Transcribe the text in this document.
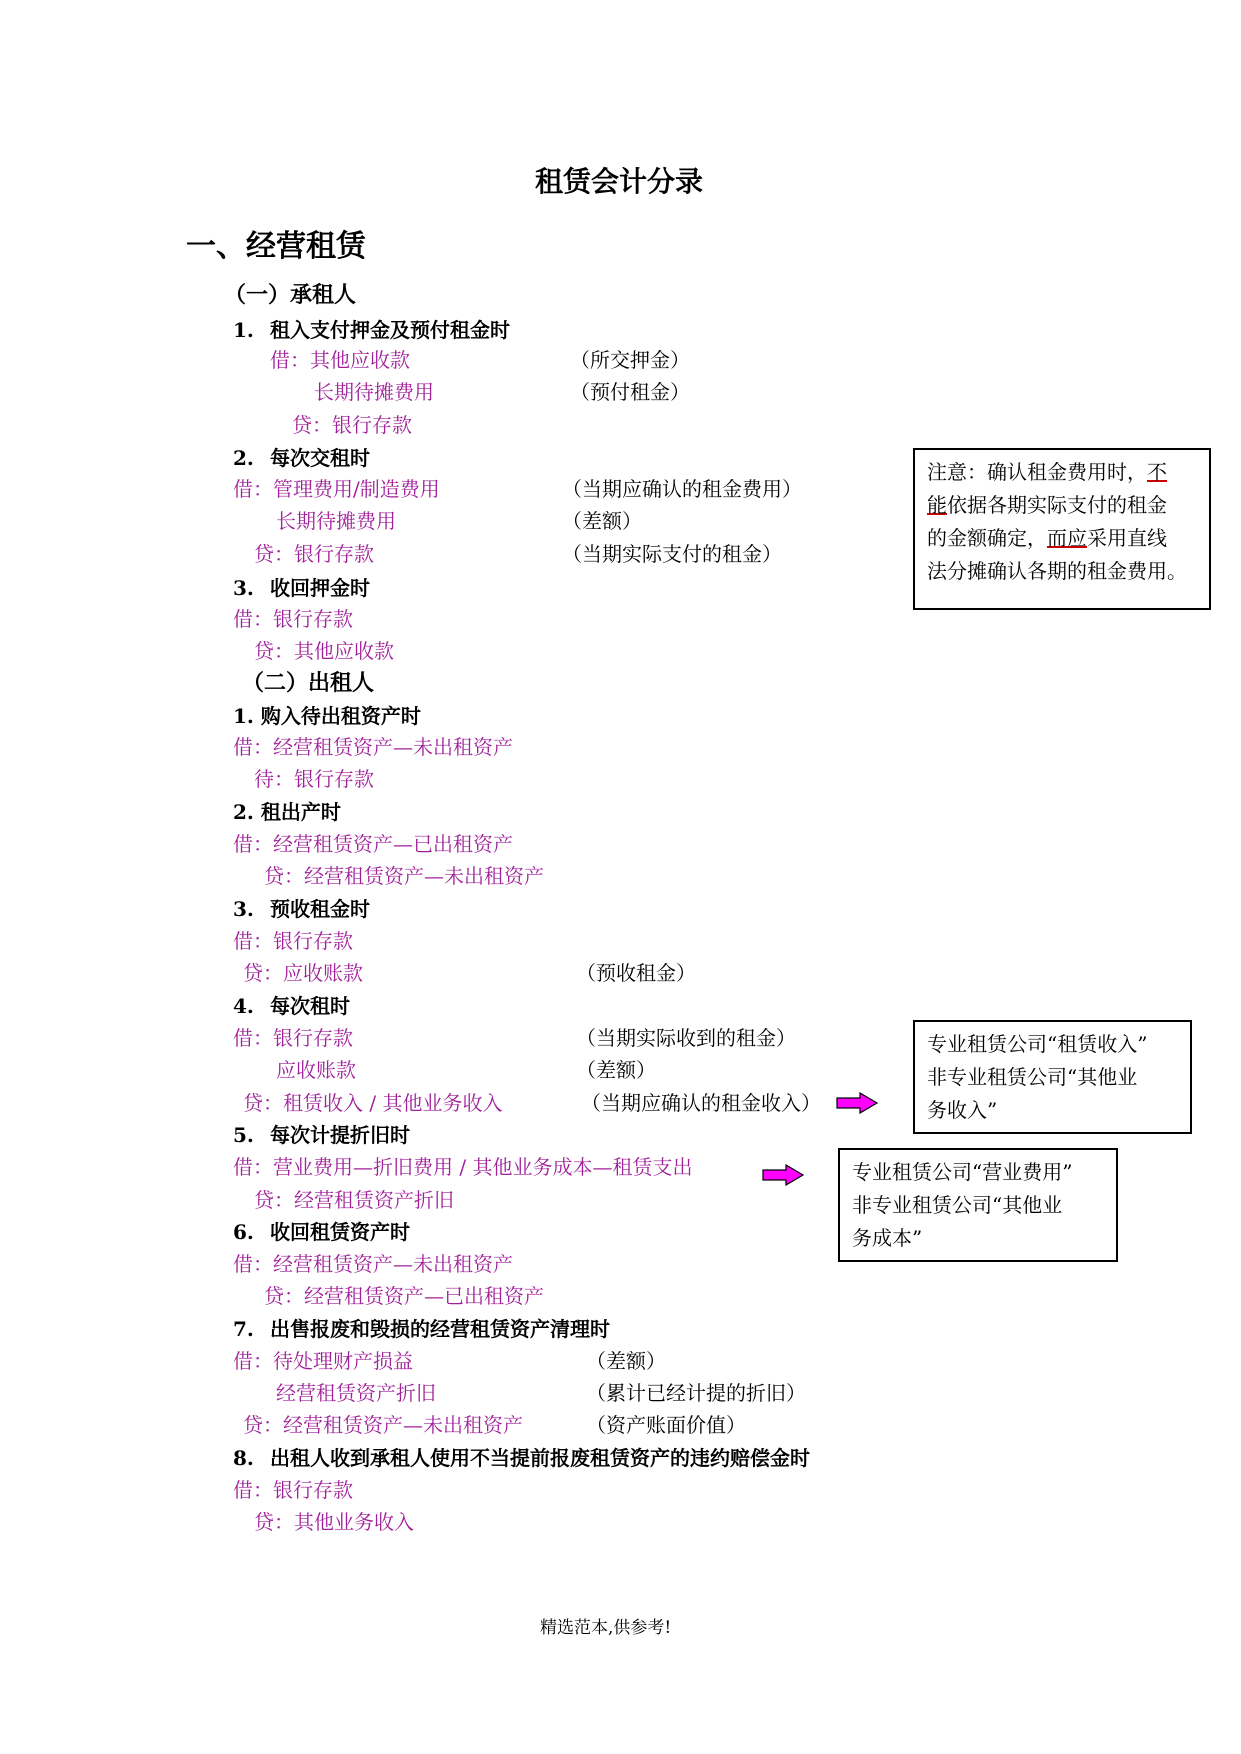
租赁会计分录
一、经营租赁
（一）承租人
1. 租入支付押金及预付租金时
借：其他应收款	（所交押金）
长期待摊费用	（预付租金）
贷：银行存款
2. 每次交租时
借：管理费用/制造费用	（当期应确认的租金费用）
长期待摊费用	（差额）
贷：银行存款	（当期实际支付的租金）
3. 收回押金时
借：银行存款
贷：其他应收款

注意：确认租金费用时，不

能依据各期实际支付的租金

的金额确定，而应采用直线

法分摊确认各期的租金费用。

（二）出租人
1. 购入待出租资产时
借：经营租赁资产—未出租资产
待：银行存款
2. 租出产时
借：经营租赁资产—已出租资产
贷：经营租赁资产—未出租资产
3. 预收租金时
借：银行存款
贷：应收账款	（预收租金）
4. 每次租时
借：银行存款	（当期实际收到的租金）
应收账款	（差额）
贷：租赁收入 / 其他业务收入	（当期应确认的租金收入）

专业租赁公司“租赁收入”

非专业租赁公司“其他业

务收入”

5. 每次计提折旧时
借：营业费用—折旧费用 / 其他业务成本—租赁支出
贷：经营租赁资产折旧

专业租赁公司“营业费用”

非专业租赁公司“其他业

务成本”

6. 收回租赁资产时
借：经营租赁资产—未出租资产
贷：经营租赁资产—已出租资产
7. 出售报废和毁损的经营租赁资产清理时
借：待处理财产损益	（差额）
经营租赁资产折旧	（累计已经计提的折旧）
贷：经营租赁资产—未出租资产	（资产账面价值）
8. 出租人收到承租人使用不当提前报废租赁资产的违约赔偿金时
借：银行存款
贷：其他业务收入
精选范本,供参考!
